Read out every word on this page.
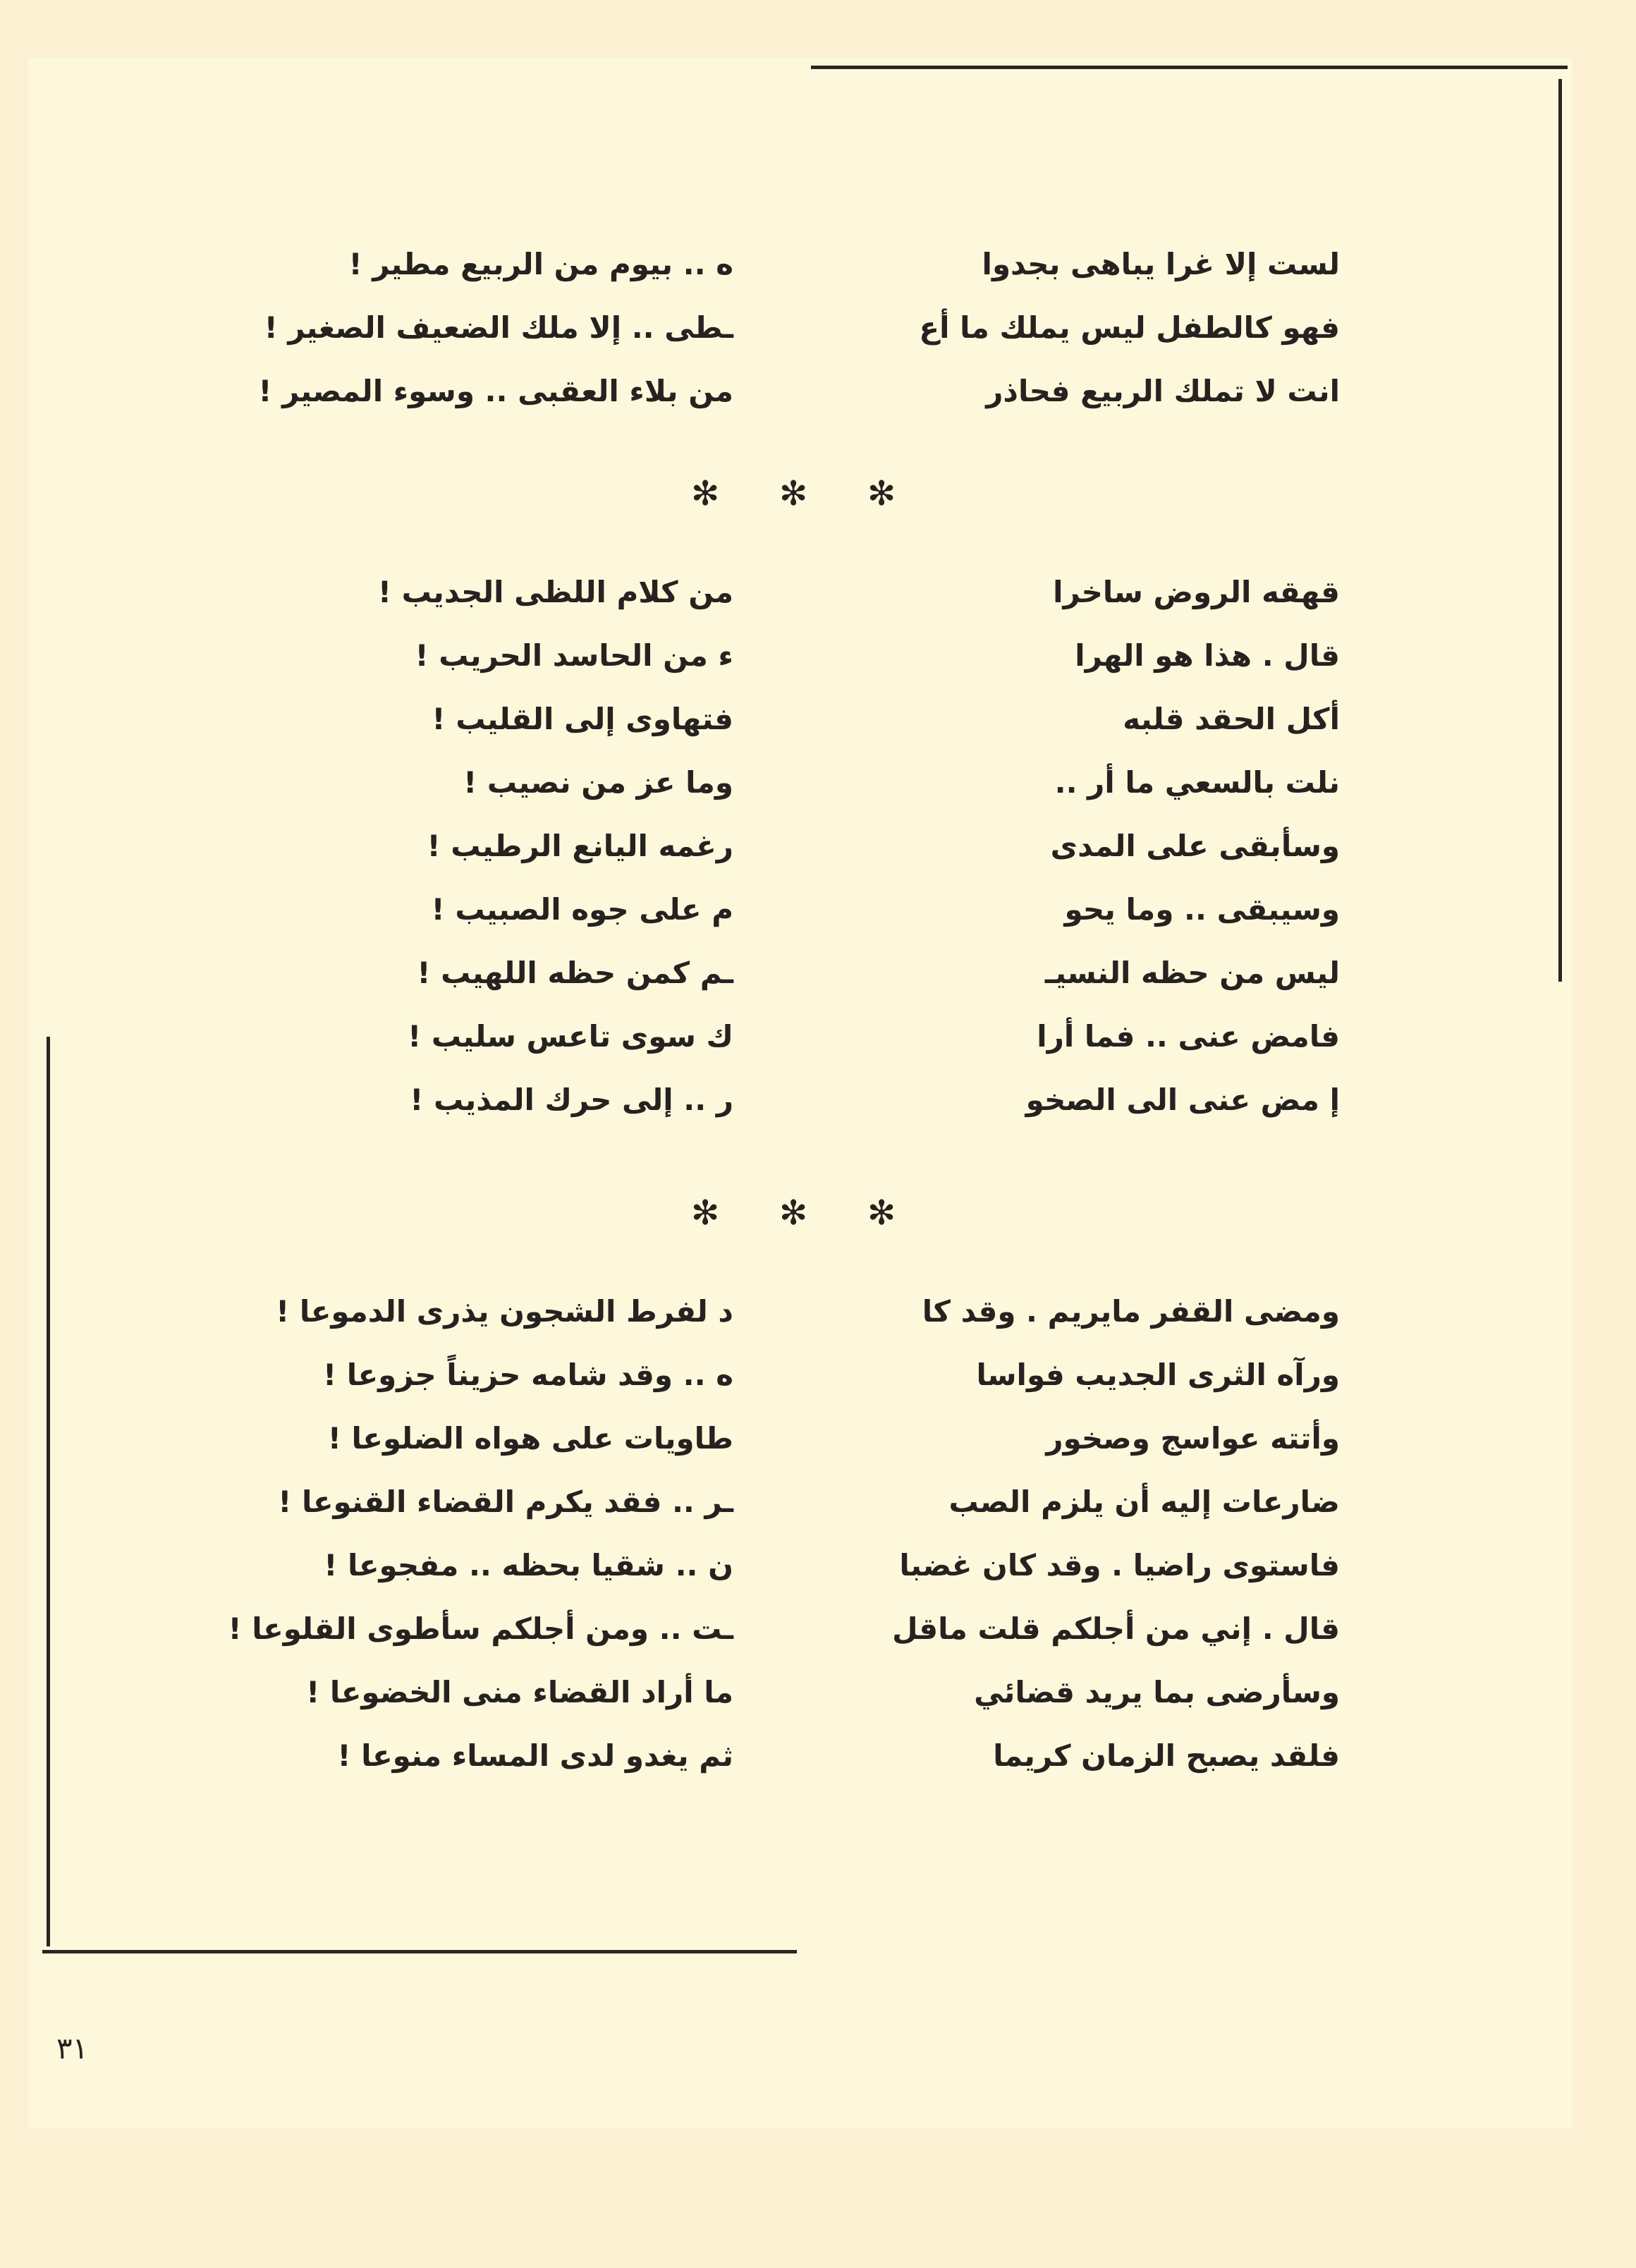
لست إلا غرا يباهى بجدوا
ه .. بيوم من الربيع مطير !
فهو كالطفل ليس يملك ما أع
ـطى .. إلا ملك الضعيف الصغير !
انت لا تملك الربيع فحاذر
من بلاء العقبى .. وسوء المصير !
✻ ✻ ✻
قهقه الروض ساخرا
من كلام اللظى الجديب !
قال . هذا هو الهرا
ء من الحاسد الحريب !
أكل الحقد قلبه
فتهاوى إلى القليب !
نلت بالسعي ما أر ..
وما عز من نصيب !
وسأبقى على المدى
رغمه اليانع الرطيب !
وسيبقى .. وما يحو
م على جوه الصبيب !
ليس من حظه النسيـ
ـم كمن حظه اللهيب !
فامض عنى .. فما أرا
ك سوى تاعس سليب !
إ مض عنى الى الصخو
ر .. إلى حرك المذيب !
✻ ✻ ✻
ومضى القفر مايريم . وقد كا
د لفرط الشجون يذرى الدموعا !
ورآه الثرى الجديب فواسا
ه .. وقد شامه حزيناً جزوعا !
وأتته عواسج وصخور
طاويات على هواه الضلوعا !
ضارعات إليه أن يلزم الصب
ـر .. فقد يكرم القضاء القنوعا !
فاستوى راضيا . وقد كان غضبا
ن .. شقيا بحظه .. مفجوعا !
قال . إني من أجلكم قلت ماقل
ـت .. ومن أجلكم سأطوى القلوعا !
وسأرضى بما يريد قضائي
ما أراد القضاء منى الخضوعا !
فلقد يصبح الزمان كريما
ثم يغدو لدى المساء منوعا !
٣١
